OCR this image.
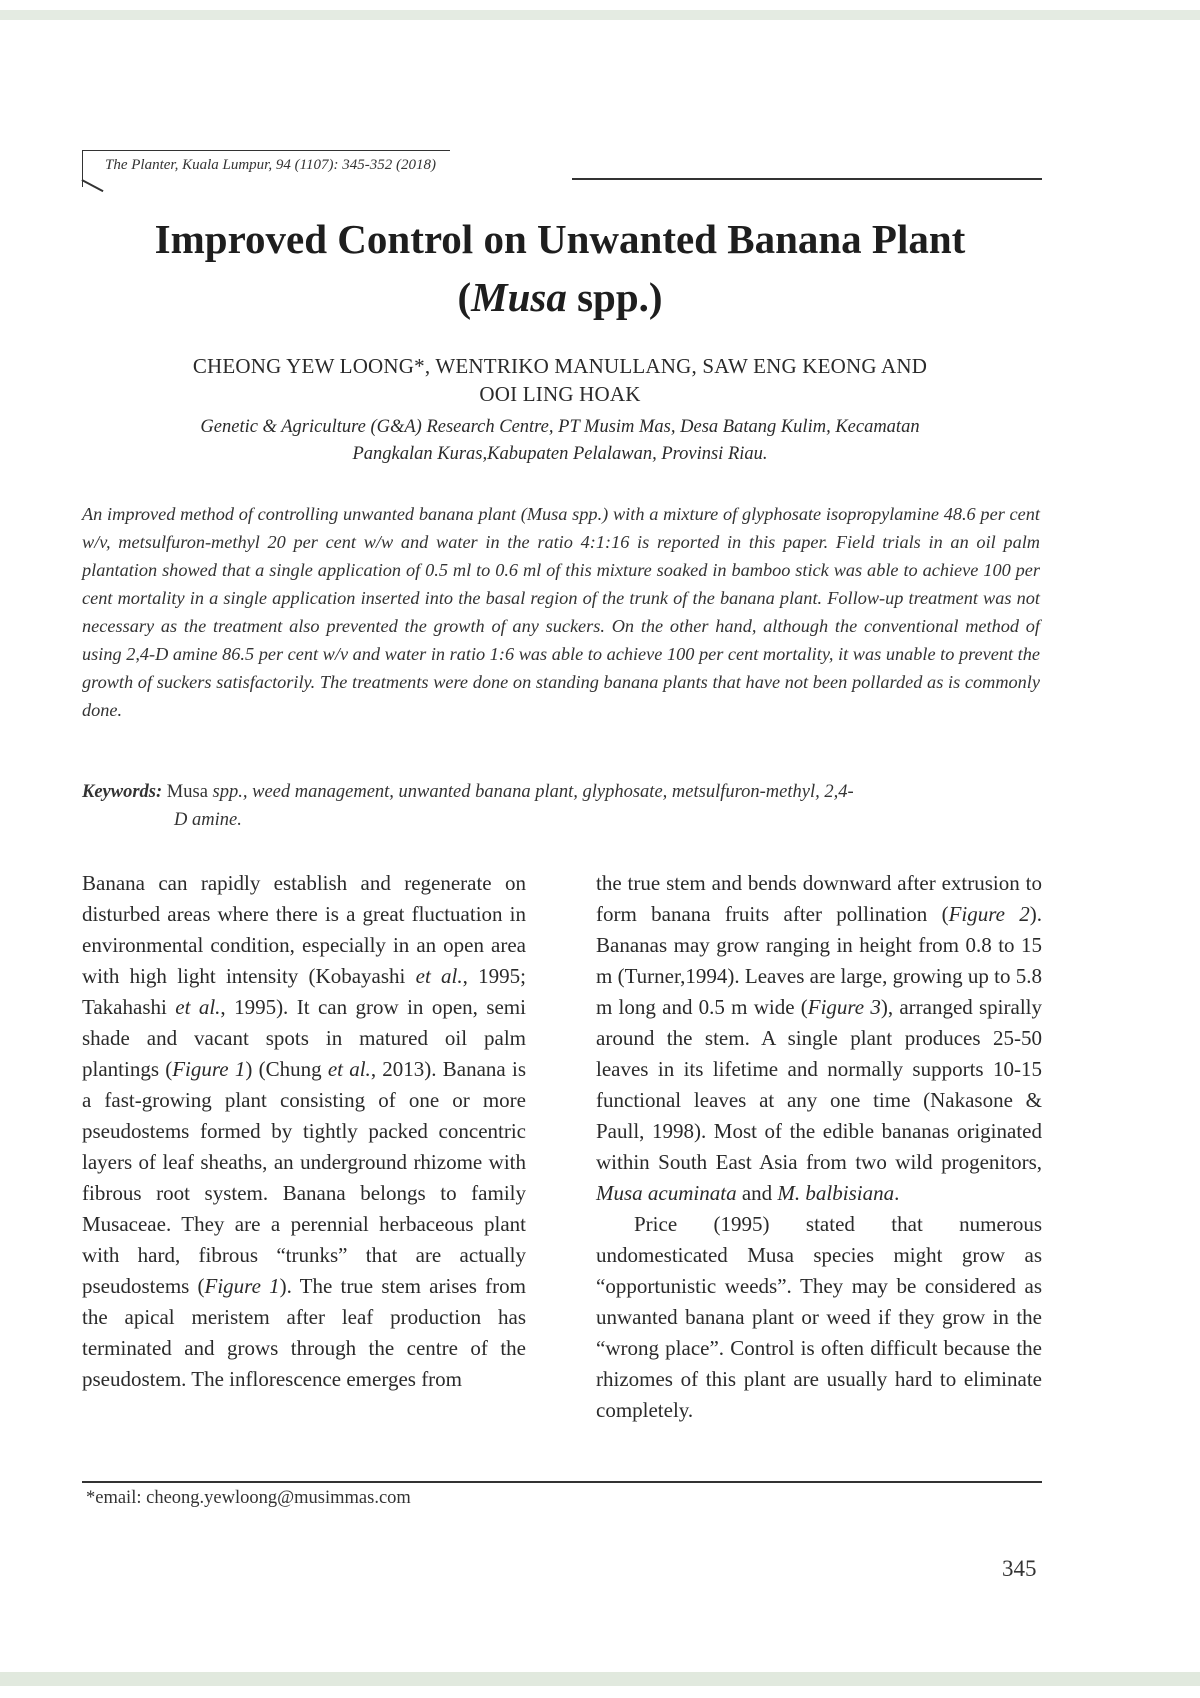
The Planter, Kuala Lumpur, 94 (1107): 345-352 (2018)
Improved Control on Unwanted Banana Plant
(Musa spp.)
CHEONG YEW LOONG*, WENTRIKO MANULLANG, SAW ENG KEONG AND
OOI LING HOAK
Genetic & Agriculture (G&A) Research Centre, PT Musim Mas, Desa Batang Kulim, Kecamatan
Pangkalan Kuras,Kabupaten Pelalawan, Provinsi Riau.
An improved method of controlling unwanted banana plant (Musa spp.) with a mixture of glyphosate isopropylamine 48.6 per cent w/v, metsulfuron-methyl 20 per cent w/w and water in the ratio 4:1:16 is reported in this paper. Field trials in an oil palm plantation showed that a single application of 0.5 ml to 0.6 ml of this mixture soaked in bamboo stick was able to achieve 100 per cent mortality in a single application inserted into the basal region of the trunk of the banana plant. Follow-up treatment was not necessary as the treatment also prevented the growth of any suckers. On the other hand, although the conventional method of using 2,4-D amine 86.5 per cent w/v and water in ratio 1:6 was able to achieve 100 per cent mortality, it was unable to prevent the growth of suckers satisfactorily. The treatments were done on standing banana plants that have not been pollarded as is commonly done.
Keywords: Musa spp., weed management, unwanted banana plant, glyphosate, metsulfuron-methyl, 2,4-
D amine.

Banana can rapidly establish and regenerate on disturbed areas where there is a great fluctuation in environmental condition, especially in an open area with high light intensity (Kobayashi et al., 1995; Takahashi et al., 1995). It can grow in open, semi shade and vacant spots in matured oil palm plantings (Figure 1) (Chung et al., 2013). Banana is a fast-growing plant consisting of one or more pseudostems formed by tightly packed concentric layers of leaf sheaths, an underground rhizome with fibrous root system. Banana belongs to family Musaceae. They are a perennial herbaceous plant with hard, fibrous “trunks” that are actually pseudostems (Figure 1). The true stem arises from the apical meristem after leaf production has terminated and grows through the centre of the pseudostem. The inflorescence emerges from

the true stem and bends downward after extrusion to form banana fruits after pollination (Figure 2). Bananas may grow ranging in height from 0.8 to 15 m (Turner,1994). Leaves are large, growing up to 5.8 m long and 0.5 m wide (Figure 3), arranged spirally around the stem. A single plant produces 25-50 leaves in its lifetime and normally supports 10-15 functional leaves at any one time (Nakasone & Paull, 1998). Most of the edible bananas originated within South East Asia from two wild progenitors, Musa acuminata and M. balbisiana.

Price (1995) stated that numerous undomesticated Musa species might grow as “opportunistic weeds”. They may be considered as unwanted banana plant or weed if they grow in the “wrong place”. Control is often difficult because the rhizomes of this plant are usually hard to eliminate completely.

*email: cheong.yewloong@musimmas.com
345
